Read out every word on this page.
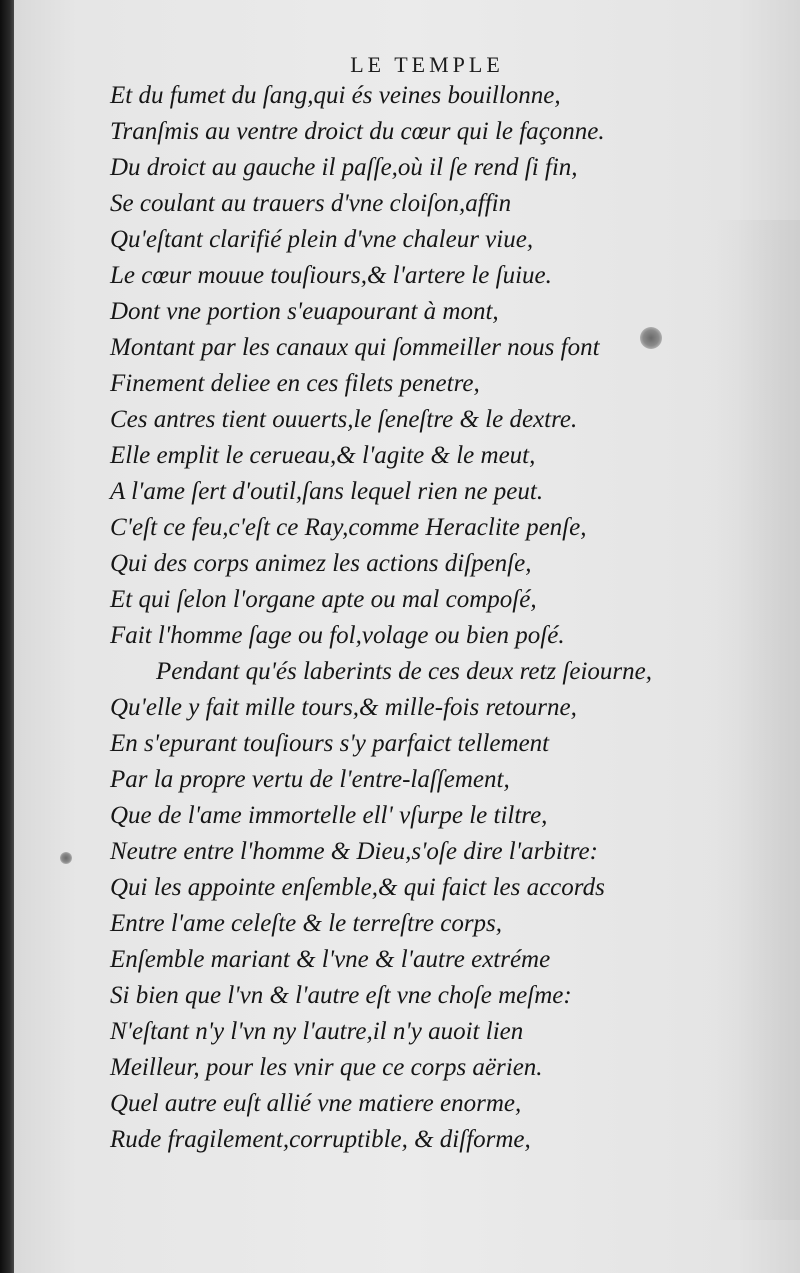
LE TEMPLE
Et du fumet du ſang,qui és veines bouillonne,
Tranſmis au ventre droict du cœur qui le façonne.
Du droict au gauche il paſſe,où il ſe rend ſi fin,
Se coulant au trauers d'vne cloiſon,affin
Qu'eſtant clarifié plein d'vne chaleur viue,
Le cœur mouue touſiours,& l'artere le ſuiue.
Dont vne portion s'euapourant à mont,
Montant par les canaux qui ſommeiller nous font
Finement deliee en ces filets penetre,
Ces antres tient ouuerts,le ſeneſtre & le dextre.
Elle emplit le cerueau,& l'agite & le meut,
A l'ame ſert d'outil,ſans lequel rien ne peut.
C'eſt ce feu,c'eſt ce Ray,comme Heraclite penſe,
Qui des corps animez les actions diſpenſe,
Et qui ſelon l'organe apte ou mal compoſé,
Fait l'homme ſage ou fol,volage ou bien poſé.
Pendant qu'és laberints de ces deux retz ſeiourne,
Qu'elle y fait mille tours,& mille-fois retourne,
En s'epurant touſiours s'y parfaict tellement
Par la propre vertu de l'entre-laſſement,
Que de l'ame immortelle ell' vſurpe le tiltre,
Neutre entre l'homme & Dieu,s'oſe dire l'arbitre:
Qui les appointe enſemble,& qui faict les accords
Entre l'ame celeſte & le terreſtre corps,
Enſemble mariant & l'vne & l'autre extréme
Si bien que l'vn & l'autre eſt vne choſe meſme:
N'eſtant n'y l'vn ny l'autre,il n'y auoit lien
Meilleur, pour les vnir que ce corps aërien.
Quel autre euſt allié vne matiere enorme,
Rude fragilement,corruptible, & diſforme,
